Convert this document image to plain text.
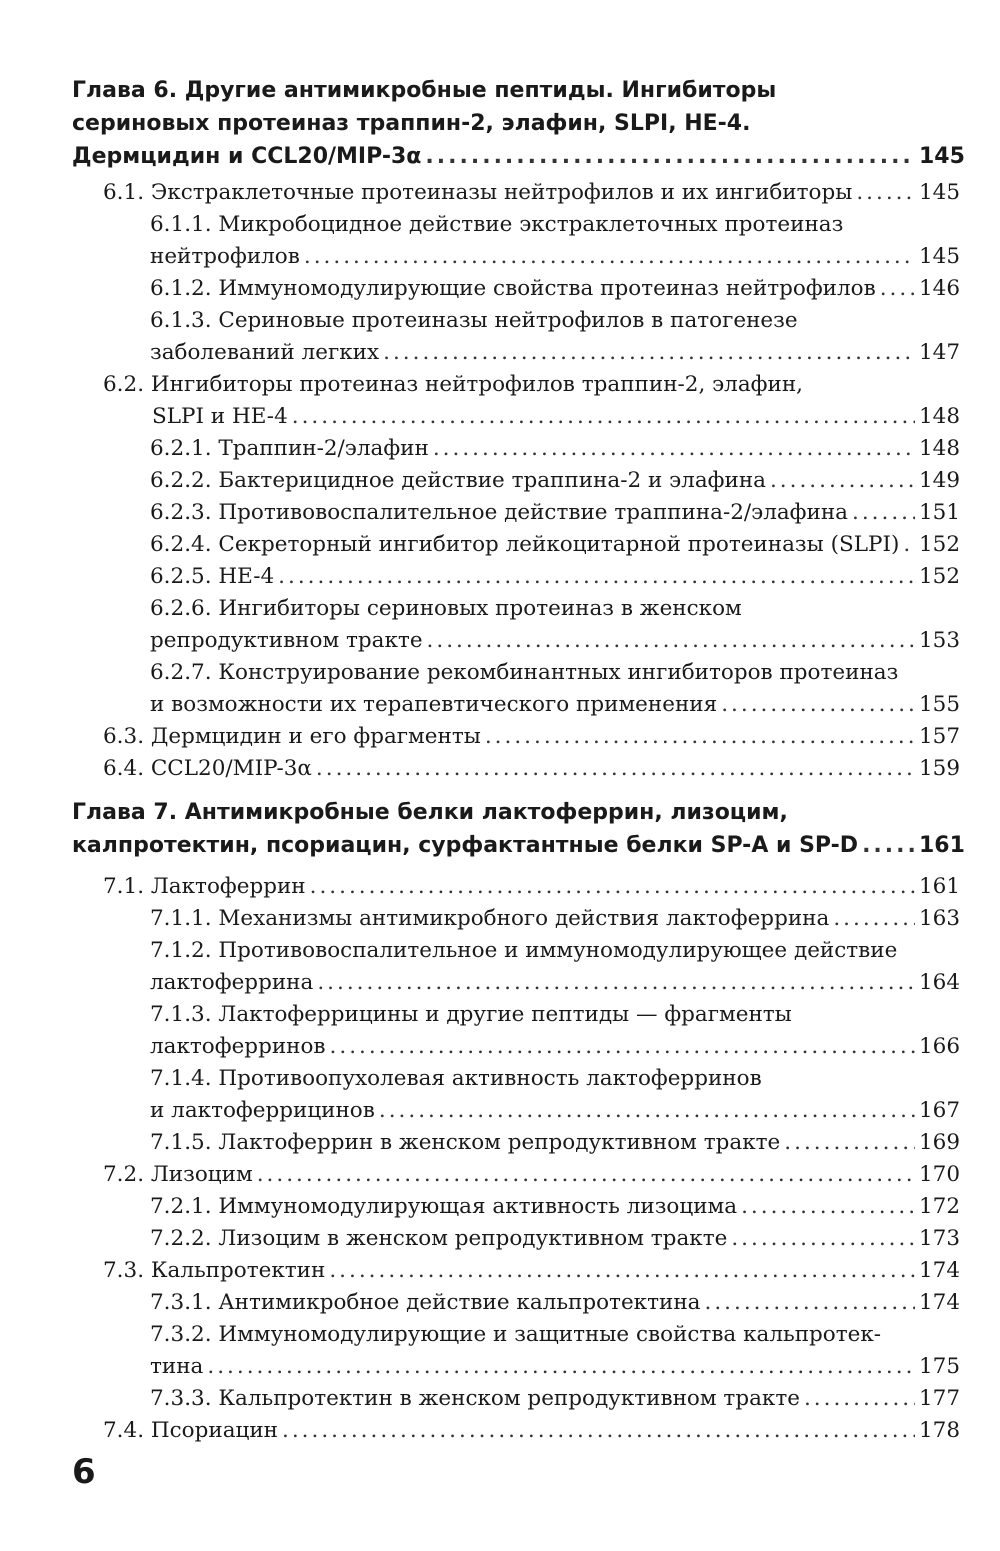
Глава 6. Другие антимикробные пептиды. Ингибиторы
сериновых протеиназ траппин-2, элафин, SLPI, HE-4.
Дермцидин и CCL20/MIP-3α .....	145
6.1. Экстраклеточные протеиназы нейтрофилов и их ингибиторы .....	145
6.1.1. Микробоцидное действие экстраклеточных протеиназ
нейтрофилов .....	145
6.1.2. Иммуномодулирующие свойства протеиназ нейтрофилов ..... 146
6.1.3. Сериновые протеиназы нейтрофилов в патогенезе
заболеваний легких .....	147
6.2. Ингибиторы протеиназ нейтрофилов траппин-2, элафин,
SLPI и HE-4 .....	148
6.2.1. Траппин-2/элафин .....	148
6.2.2. Бактерицидное действие траппина-2 и элафина .....	149
6.2.3. Противовоспалительное действие траппина-2/элафина .....	151
6.2.4. Секреторный ингибитор лейкоцитарной протеиназы (SLPI) ..... 152
6.2.5. HE-4 .....	152
6.2.6. Ингибиторы сериновых протеиназ в женском
репродуктивном тракте .....	153
6.2.7. Конструирование рекомбинантных ингибиторов протеиназ
и возможности их терапевтического применения .....	155
6.3. Дермцидин и его фрагменты .....	157
6.4. CCL20/MIP-3α .....	159
Глава 7. Антимикробные белки лактоферрин, лизоцим,
калпротектин, псориацин, сурфактантные белки SP-A и SP-D .....	161
7.1. Лактоферрин .....	161
7.1.1. Механизмы антимикробного действия лактоферрина .....	163
7.1.2. Противовоспалительное и иммуномодулирующее действие
лактоферрина .....	164
7.1.3. Лактоферрицины и другие пептиды — фрагменты
лактоферринов .....	166
7.1.4. Противоопухолевая активность лактоферринов
и лактоферрицинов .....	167
7.1.5. Лактоферрин в женском репродуктивном тракте .....	169
7.2. Лизоцим .....	170
7.2.1. Иммуномодулирующая активность лизоцима .....	172
7.2.2. Лизоцим в женском репродуктивном тракте .....	173
7.3. Кальпротектин .....	174
7.3.1. Антимикробное действие кальпротектина .....	174
7.3.2. Иммуномодулирующие и защитные свойства кальпротек-
тина .....	175
7.3.3. Кальпротектин в женском репродуктивном тракте .....	177
7.4. Псориацин .....	178
6
